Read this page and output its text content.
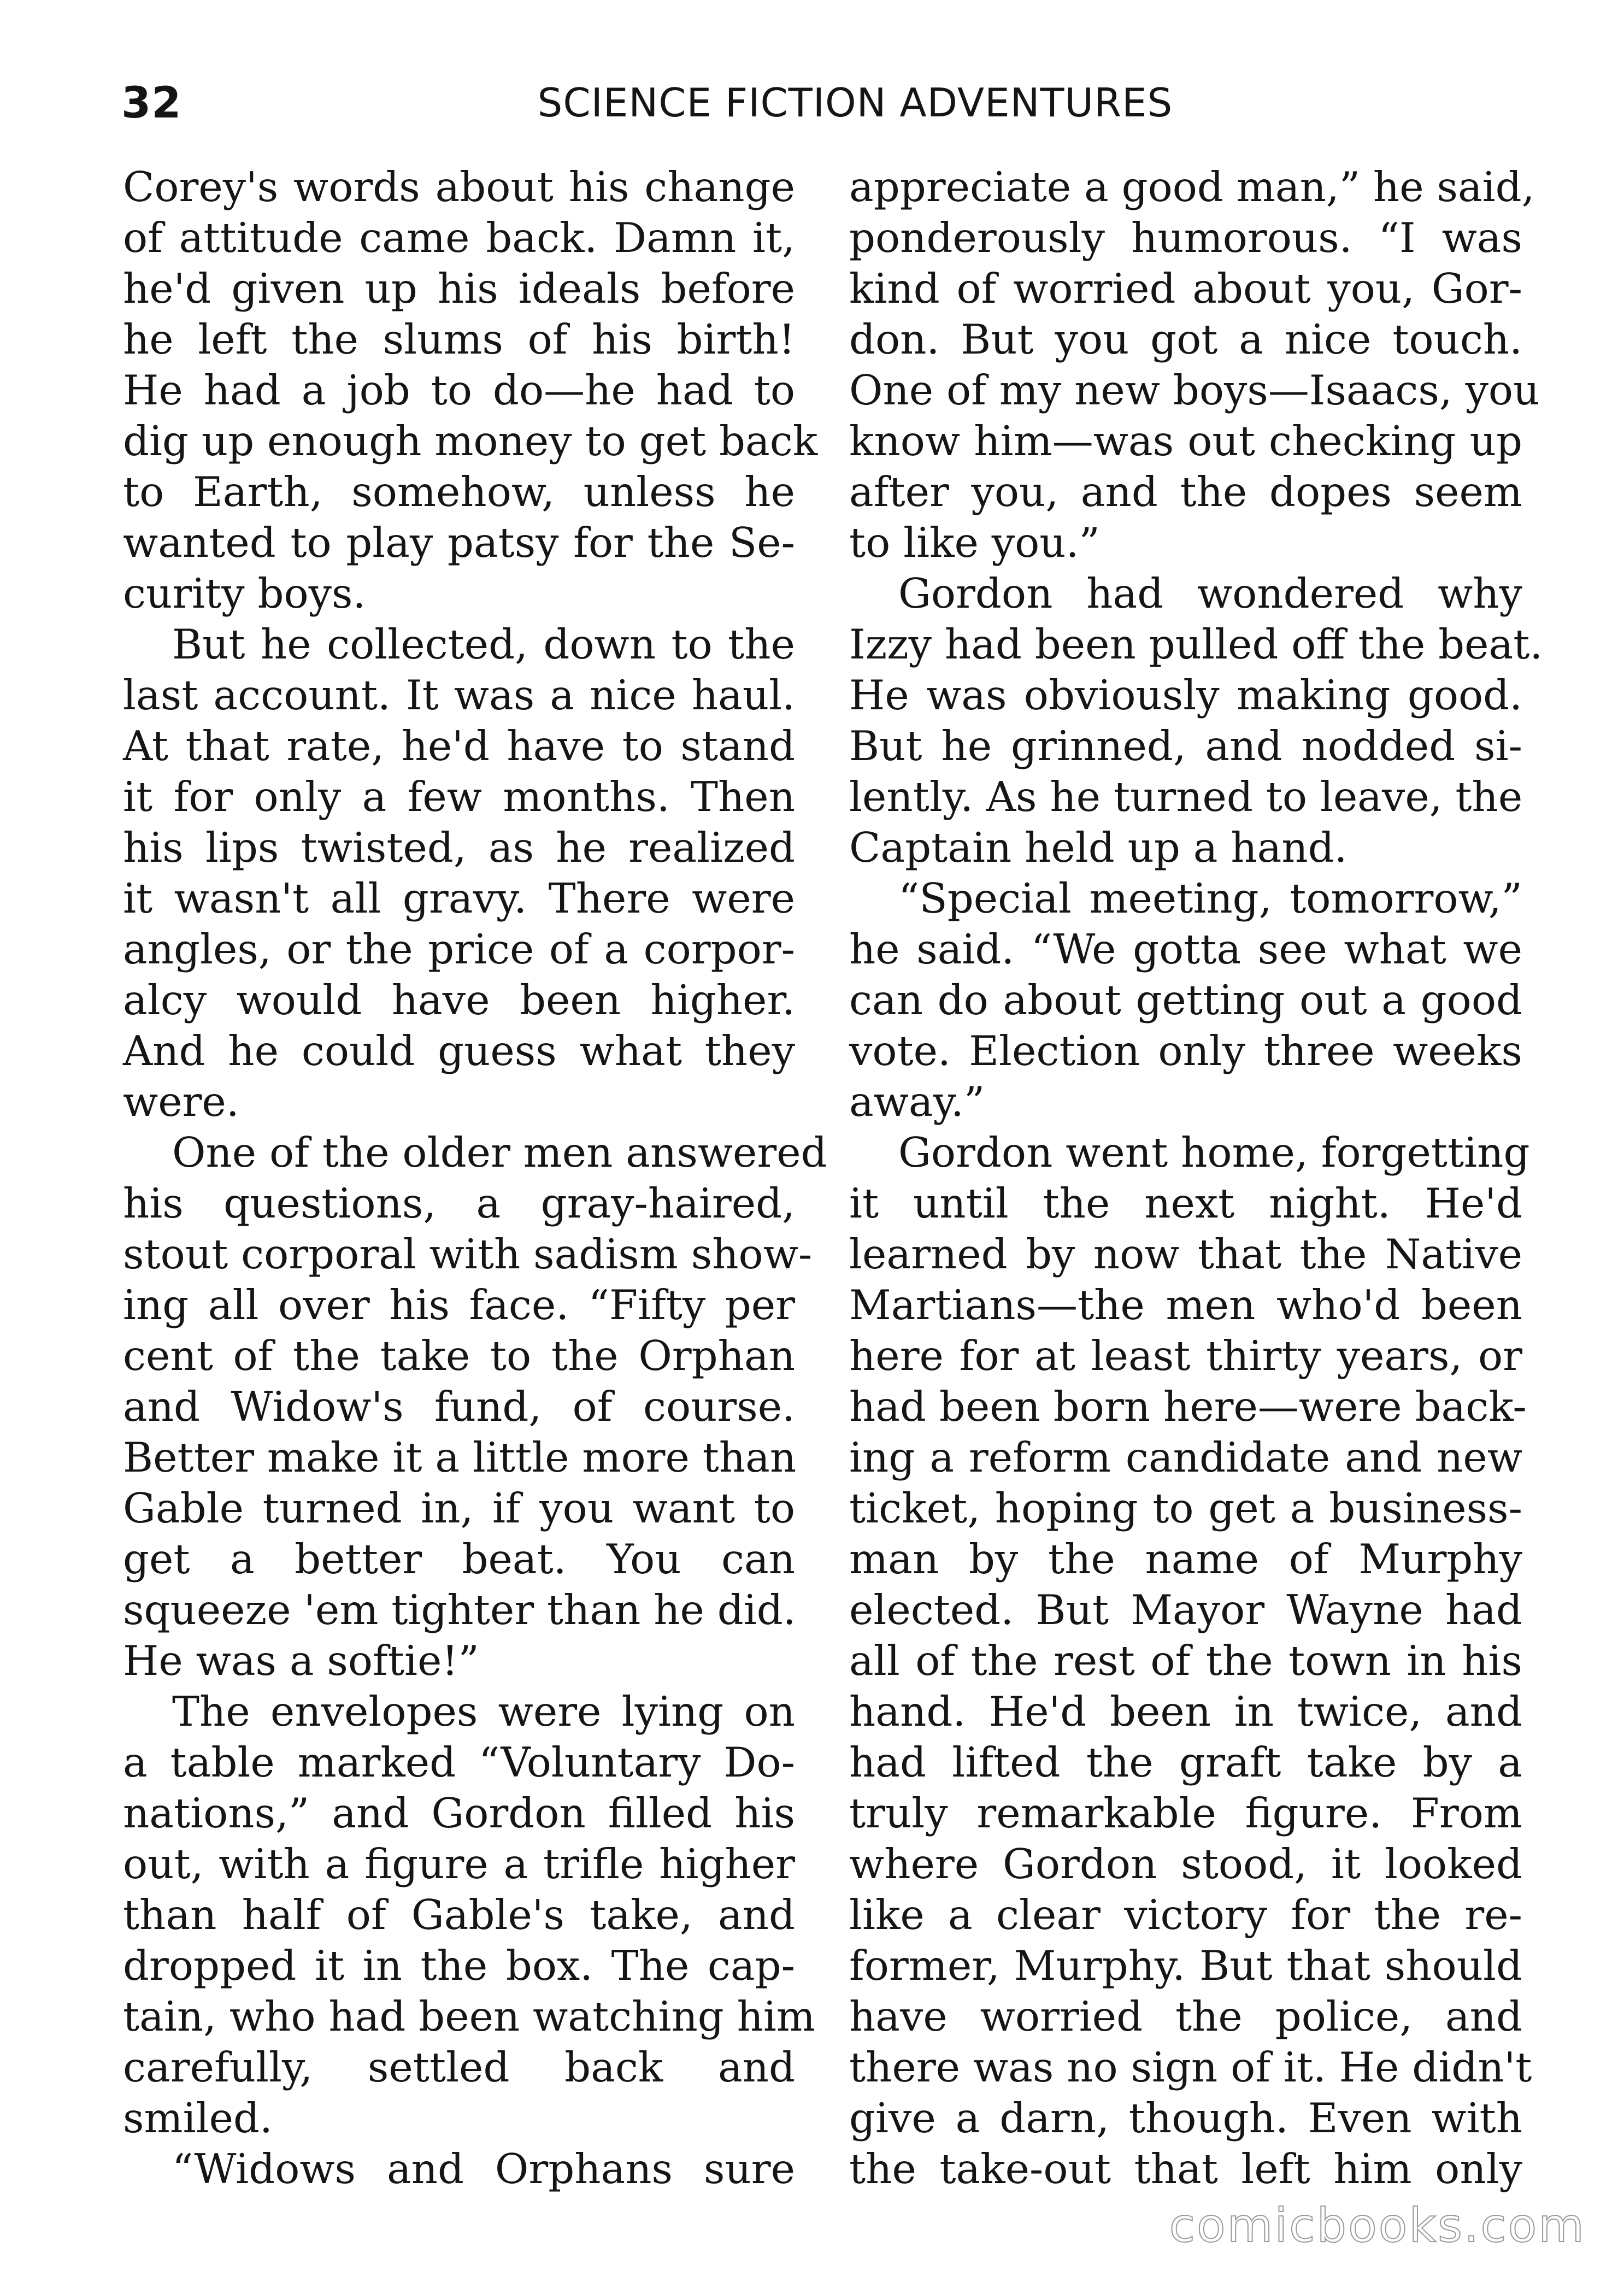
32	SCIENCE FICTION ADVENTURES
Corey's words about his change
of attitude came back. Damn it,
he'd given up his ideals before
he left the slums of his birth!
He had a job to do—he had to
dig up enough money to get back
to Earth, somehow, unless he
wanted to play patsy for the Se-
curity boys.
But he collected, down to the
last account. It was a nice haul.
At that rate, he'd have to stand
it for only a few months. Then
his lips twisted, as he realized
it wasn't all gravy. There were
angles, or the price of a corpor-
alcy would have been higher.
And he could guess what they
were.
One of the older men answered
his questions, a gray-haired,
stout corporal with sadism show-
ing all over his face. “Fifty per
cent of the take to the Orphan
and Widow's fund, of course.
Better make it a little more than
Gable turned in, if you want to
get a better beat. You can
squeeze 'em tighter than he did.
He was a softie!”
The envelopes were lying on
a table marked “Voluntary Do-
nations,” and Gordon filled his
out, with a figure a trifle higher
than half of Gable's take, and
dropped it in the box. The cap-
tain, who had been watching him
carefully, settled back and
smiled.
“Widows and Orphans sure
appreciate a good man,” he said,
ponderously humorous. “I was
kind of worried about you, Gor-
don. But you got a nice touch.
One of my new boys—Isaacs, you
know him—was out checking up
after you, and the dopes seem
to like you.”
Gordon had wondered why
Izzy had been pulled off the beat.
He was obviously making good.
But he grinned, and nodded si-
lently. As he turned to leave, the
Captain held up a hand.
“Special meeting, tomorrow,”
he said. “We gotta see what we
can do about getting out a good
vote. Election only three weeks
away.”
Gordon went home, forgetting
it until the next night. He'd
learned by now that the Native
Martians—the men who'd been
here for at least thirty years, or
had been born here—were back-
ing a reform candidate and new
ticket, hoping to get a business-
man by the name of Murphy
elected. But Mayor Wayne had
all of the rest of the town in his
hand. He'd been in twice, and
had lifted the graft take by a
truly remarkable figure. From
where Gordon stood, it looked
like a clear victory for the re-
former, Murphy. But that should
have worried the police, and
there was no sign of it. He didn't
give a darn, though. Even with
the take-out that left him only
comicbooks.com
